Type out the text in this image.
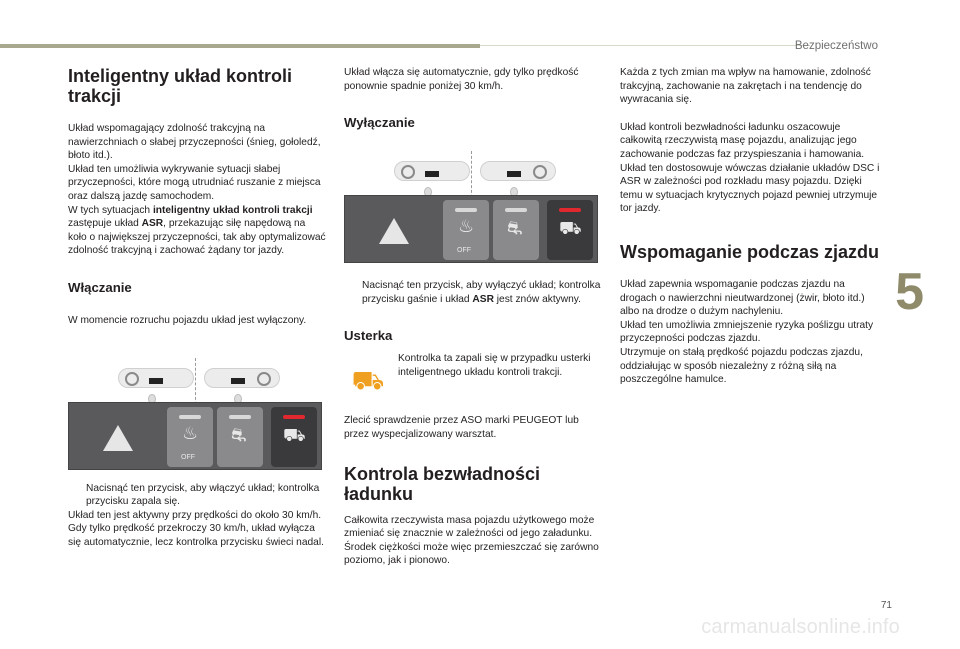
Bezpieczeństwo
5
71
carmanualsonline.info
Inteligentny układ kontroli trakcji

Układ wspomagający zdolność trakcyjną na nawierzchniach o słabej przyczepności (śnieg, gołoledź, błoto itd.).

Układ ten umożliwia wykrywanie sytuacji słabej przyczepności, które mogą utrudniać ruszanie z miejsca oraz dalszą jazdę samochodem.

W tych sytuacjach inteligentny układ kontroli trakcji zastępuje układ ASR, przekazując siłę napędową na koło o największej przyczepności, tak aby optymalizować zdolność trakcyjną i zachować żądany tor jazdy.

Włączanie

W momencie rozruchu pojazdu układ jest wyłączony.

♨
OFF
⛐ ⛟
Nacisnąć ten przycisk, aby włączyć układ; kontrolka przycisku zapala się.

Układ ten jest aktywny przy prędkości do około 30 km/h.

Gdy tylko prędkość przekroczy 30 km/h, układ wyłącza się automatycznie, lecz kontrolka przycisku świeci nadal.

Układ włącza się automatycznie, gdy tylko prędkość ponownie spadnie poniżej 30 km/h.

Wyłączanie
♨
OFF
⛐ ⛟
Nacisnąć ten przycisk, aby wyłączyć układ; kontrolka przycisku gaśnie i układ ASR jest znów aktywny.
Usterka
⛟

Kontrolka ta zapali się w przypadku usterki inteligentnego układu kontroli trakcji.

Zlecić sprawdzenie przez ASO marki PEUGEOT lub przez wyspecjalizowany warsztat.

Kontrola bezwładności ładunku

Całkowita rzeczywista masa pojazdu użytkowego może zmieniać się znacznie w zależności od jego załadunku. Środek ciężkości może więc przemieszczać się zarówno poziomo, jak i pionowo.

Każda z tych zmian ma wpływ na hamowanie, zdolność trakcyjną, zachowanie na zakrętach i na tendencję do wywracania się.

Układ kontroli bezwładności ładunku oszacowuje całkowitą rzeczywistą masę pojazdu, analizując jego zachowanie podczas faz przyspieszania i hamowania.

Układ ten dostosowuje wówczas działanie układów DSC i ASR w zależności pod rozkładu masy pojazdu. Dzięki temu w sytuacjach krytycznych pojazd pewniej utrzymuje tor jazdy.

Wspomaganie podczas zjazdu

Układ zapewnia wspomaganie podczas zjazdu na drogach o nawierzchni nieutwardzonej (żwir, błoto itd.) albo na drodze o dużym nachyleniu.

Układ ten umożliwia zmniejszenie ryzyka poślizgu utraty przyczepności podczas zjazdu.

Utrzymuje on stałą prędkość pojazdu podczas zjazdu, oddziałując w sposób niezależny z różną siłą na poszczególne hamulce.
